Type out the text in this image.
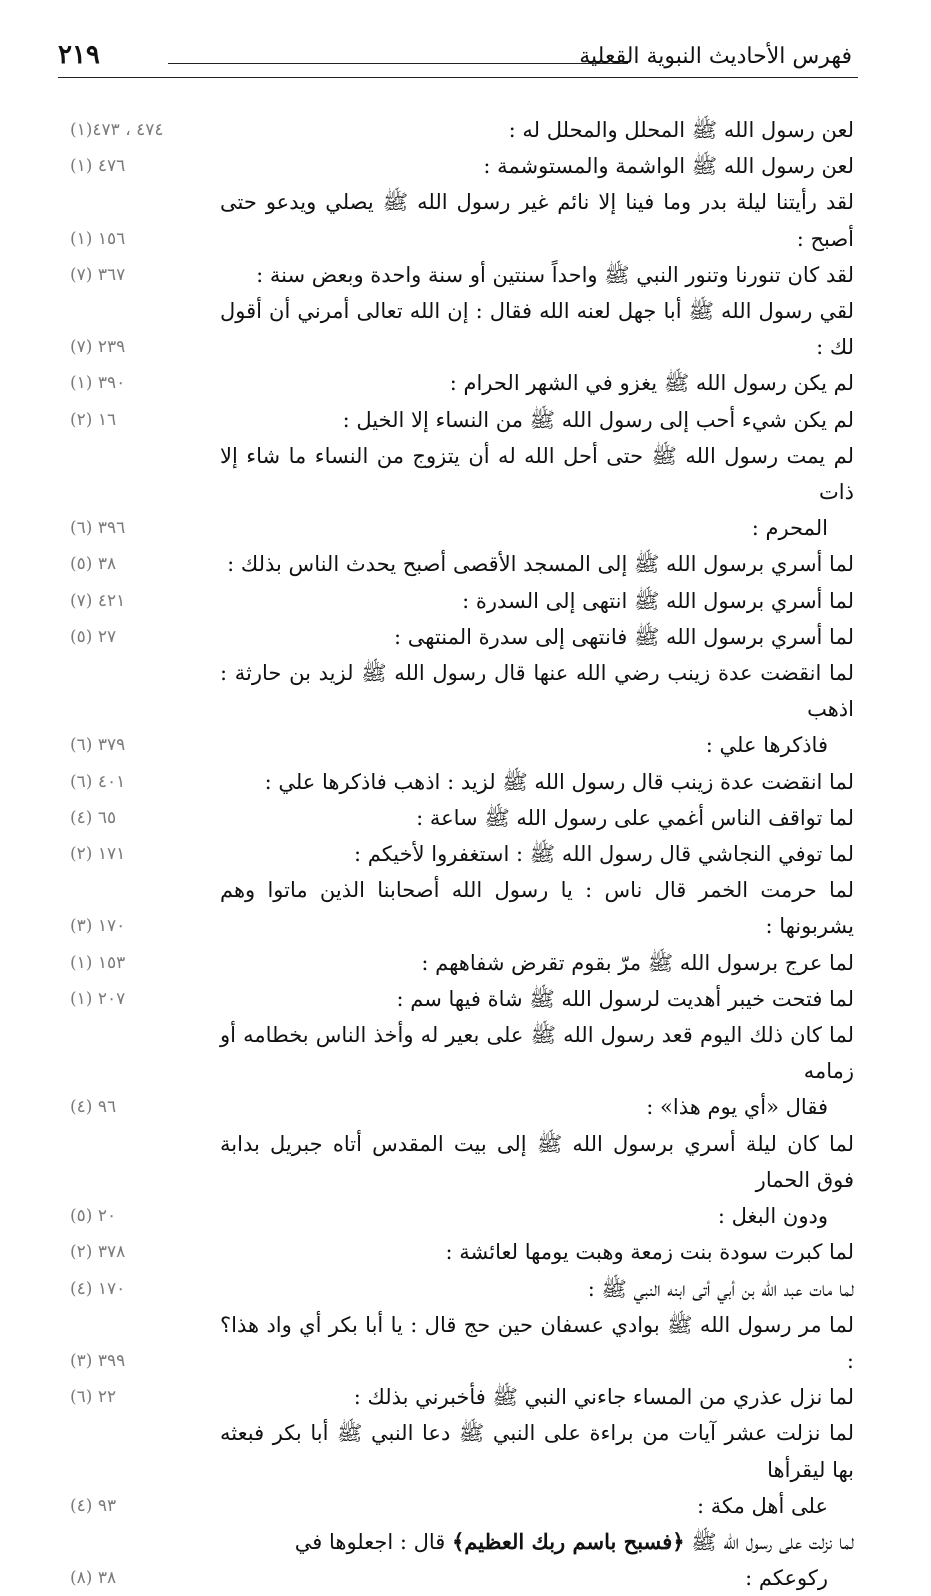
٢١٩	فهرس الأحاديث النبوية القعلية
لعن رسول الله ﷺ المحلل والمحلل له :
٤٧٤ ، ٤٧٣(١)
لعن رسول الله ﷺ الواشمة والمستوشمة :
٤٧٦ (١)
لقد رأيتنا ليلة بدر وما فينا إلا نائم غير رسول الله ﷺ يصلي ويدعو حتى أصبح :
١٥٦ (١)
لقد كان تنورنا وتنور النبي ﷺ واحداً سنتين أو سنة واحدة وبعض سنة :
٣٦٧ (٧)
لقي رسول الله ﷺ أبا جهل لعنه الله فقال : إن الله تعالى أمرني أن أقول لك :
٢٣٩ (٧)
لم يكن رسول الله ﷺ يغزو في الشهر الحرام :
٣٩٠ (١)
لم يكن شيء أحب إلى رسول الله ﷺ من النساء إلا الخيل :
١٦ (٢)
لم يمت رسول الله ﷺ حتى أحل الله له أن يتزوج من النساء ما شاء إلا ذات
المحرم :
٣٩٦ (٦)
لما أسري برسول الله ﷺ إلى المسجد الأقصى أصبح يحدث الناس بذلك :
٣٨ (٥)
لما أسري برسول الله ﷺ انتهى إلى السدرة :
٤٢١ (٧)
لما أسري برسول الله ﷺ فانتهى إلى سدرة المنتهى :
٢٧ (٥)
لما انقضت عدة زينب رضي الله عنها قال رسول الله ﷺ لزيد بن حارثة : اذهب
فاذكرها علي :
٣٧٩ (٦)
لما انقضت عدة زينب قال رسول الله ﷺ لزيد : اذهب فاذكرها علي :
٤٠١ (٦)
لما تواقف الناس أغمي على رسول الله ﷺ ساعة :
٦٥ (٤)
لما توفي النجاشي قال رسول الله ﷺ : استغفروا لأخيكم :
١٧١ (٢)
لما حرمت الخمر قال ناس : يا رسول الله أصحابنا الذين ماتوا وهم يشربونها :
١٧٠ (٣)
لما عرج برسول الله ﷺ مرّ بقوم تقرض شفاههم :
١٥٣ (١)
لما فتحت خيبر أهديت لرسول الله ﷺ شاة فيها سم :
٢٠٧ (١)
لما كان ذلك اليوم قعد رسول الله ﷺ على بعير له وأخذ الناس بخطامه أو زمامه
فقال «أي يوم هذا» :
٩٦ (٤)
لما كان ليلة أسري برسول الله ﷺ إلى بيت المقدس أتاه جبريل بدابة فوق الحمار
ودون البغل :
٢٠ (٥)
لما كبرت سودة بنت زمعة وهبت يومها لعائشة :
٣٧٨ (٢)
لما مات عبد الله بن أبي أتى ابنه النبي ﷺ :
١٧٠ (٤)
لما مر رسول الله ﷺ بوادي عسفان حين حج قال : يا أبا بكر أي واد هذا؟ :
٣٩٩ (٣)
لما نزل عذري من المساء جاءني النبي ﷺ فأخبرني بذلك :
٢٢ (٦)
لما نزلت عشر آيات من براءة على النبي ﷺ دعا النبي ﷺ أبا بكر فبعثه بها ليقرأها
على أهل مكة :
٩٣ (٤)
لما نزلت على رسول الله ﷺ ﴿فسبح باسم ربك العظيم﴾ قال : اجعلوها في
ركوعكم :
٣٨ (٨)
